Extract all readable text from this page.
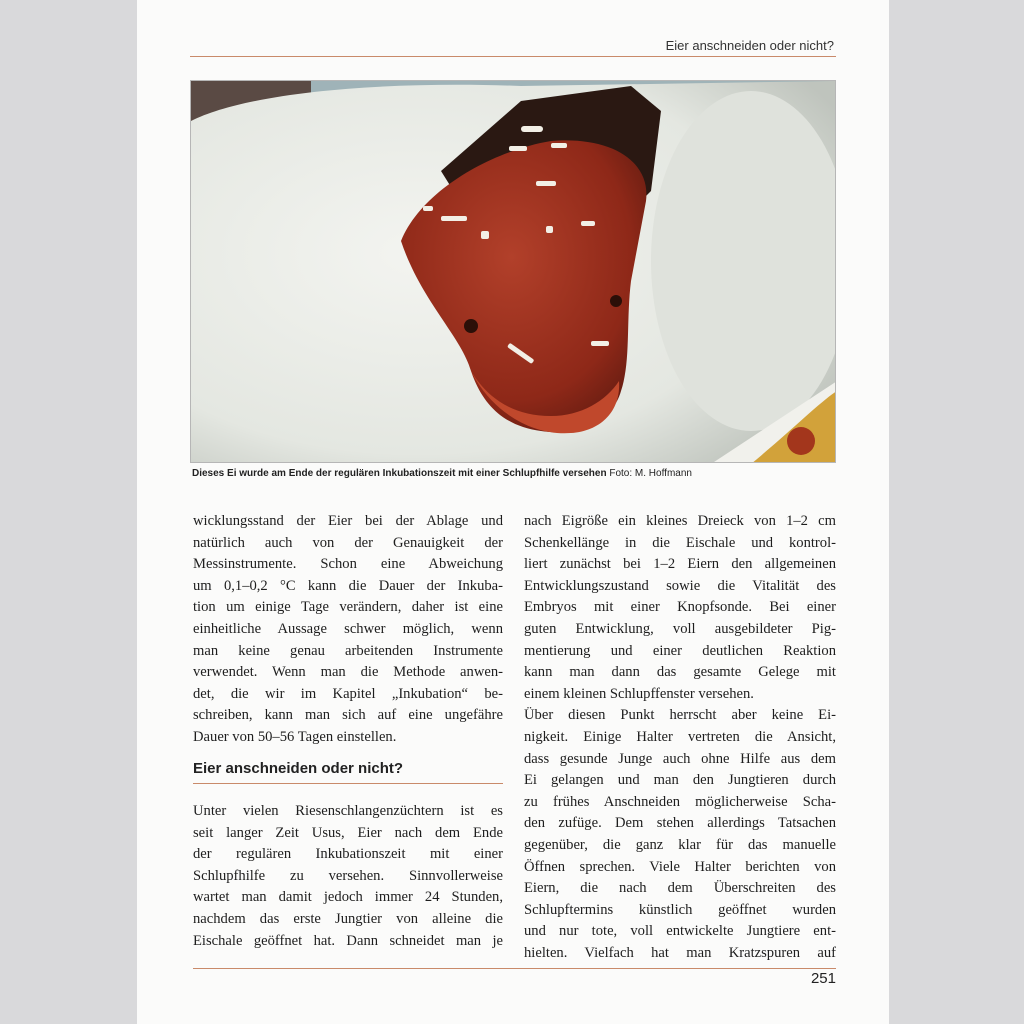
Eier anschneiden oder nicht?
Dieses Ei wurde am Ende der regulären Inkubationszeit mit einer Schlupfhilfe versehen Foto: M. Hoffmann

wicklungsstand der Eier bei der Ablage und
natürlich auch von der Genauigkeit der
Messinstrumente. Schon eine Abweichung
um 0,1–0,2 °C kann die Dauer der Inkuba-
tion um einige Tage verändern, daher ist eine
einheitliche Aussage schwer möglich, wenn
man keine genau arbeitenden Instrumente
verwendet. Wenn man die Methode anwen-
det, die wir im Kapitel „Inkubation“ be-
schreiben, kann man sich auf eine ungefähre
Dauer von 50–56 Tagen einstellen.

Eier anschneiden oder nicht?

Unter vielen Riesenschlangenzüchtern ist es
seit langer Zeit Usus, Eier nach dem Ende
der regulären Inkubationszeit mit einer
Schlupfhilfe zu versehen. Sinnvollerweise
wartet man damit jedoch immer 24 Stunden,
nachdem das erste Jungtier von alleine die
Eischale geöffnet hat. Dann schneidet man je

nach Eigröße ein kleines Dreieck von 1–2 cm
Schenkellänge in die Eischale und kontrol-
liert zunächst bei 1–2 Eiern den allgemeinen
Entwicklungszustand sowie die Vitalität des
Embryos mit einer Knopfsonde. Bei einer
guten Entwicklung, voll ausgebildeter Pig-
mentierung und einer deutlichen Reaktion
kann man dann das gesamte Gelege mit
einem kleinen Schlupffenster versehen.
Über diesen Punkt herrscht aber keine Ei-
nigkeit. Einige Halter vertreten die Ansicht,
dass gesunde Junge auch ohne Hilfe aus dem
Ei gelangen und man den Jungtieren durch
zu frühes Anschneiden möglicherweise Scha-
den zufüge. Dem stehen allerdings Tatsachen
gegenüber, die ganz klar für das manuelle
Öffnen sprechen. Viele Halter berichten von
Eiern, die nach dem Überschreiten des
Schlupftermins künstlich geöffnet wurden
und nur tote, voll entwickelte Jungtiere ent-
hielten. Vielfach hat man Kratzspuren auf

251
